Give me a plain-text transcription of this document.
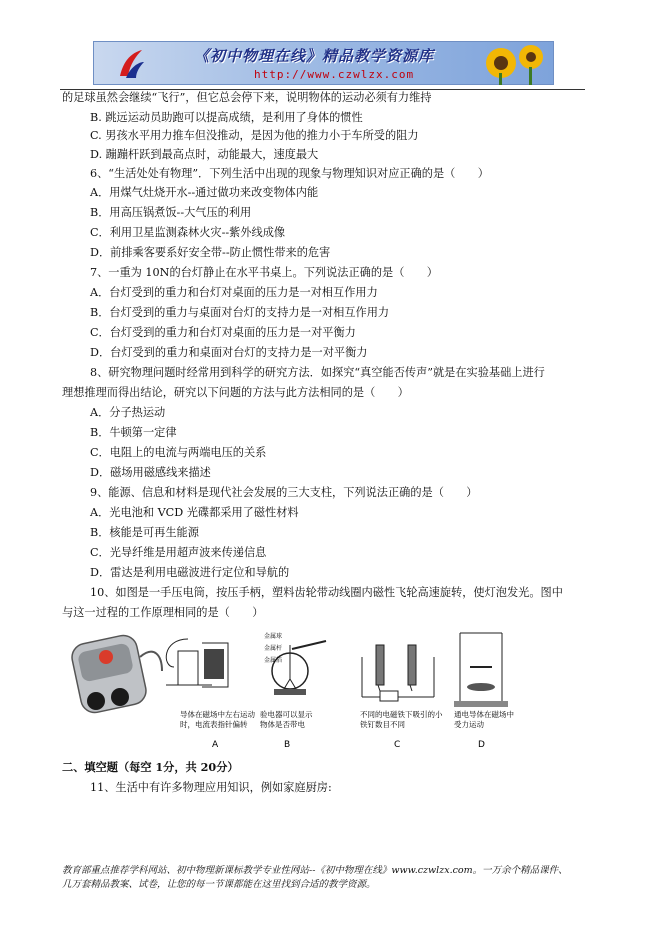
《初中物理在线》精品教学资源库
http://www.czwlzx.com
的足球虽然会继续“飞行”，但它总会停下来，说明物体的运动必须有力维持
B. 跳远运动员助跑可以提高成绩，是利用了身体的惯性
C. 男孩水平用力推车但没推动，是因为他的推力小于车所受的阻力
D. 蹦蹦杆跃到最高点时，动能最大，速度最大
6、“生活处处有物理”．下列生活中出现的现象与物理知识对应正确的是（　　）
A．用煤气灶烧开水--通过做功来改变物体内能
B．用高压锅煮饭--大气压的利用
C．利用卫星监测森林火灾--紫外线成像
D．前排乘客要系好安全带--防止惯性带来的危害
7、一重为 10N的台灯静止在水平书桌上。下列说法正确的是（　　）
A．台灯受到的重力和台灯对桌面的压力是一对相互作用力
B．台灯受到的重力与桌面对台灯的支持力是一对相互作用力
C．台灯受到的重力和台灯对桌面的压力是一对平衡力
D．台灯受到的重力和桌面对台灯的支持力是一对平衡力
8、研究物理问题时经常用到科学的研究方法．如探究“真空能否传声”就是在实验基础上进行
理想推理而得出结论，研究以下问题的方法与此方法相同的是（　　）
A．分子热运动
B．牛顿第一定律
C．电阻上的电流与两端电压的关系
D．磁场用磁感线来描述
9、能源、信息和材料是现代社会发展的三大支柱，下列说法正确的是（　　）
A．光电池和 VCD 光碟都采用了磁性材料
B．核能是可再生能源
C．光导纤维是用超声波来传递信息
D．雷达是利用电磁波进行定位和导航的
10、如图是一手压电筒，按压手柄，塑料齿轮带动线圈内磁性飞轮高速旋转，使灯泡发光。图中
与这一过程的工作原理相同的是（　　）
金属球
金属杆
金属箔
导体在磁场中左右运动
时，电流表指针偏转
验电器可以显示
物体是否带电
不同的电磁铁下吸引的小
铁钉数目不同
通电导体在磁场中
受力运动
A	B	C	D
二、填空题（每空 1分，共 20分）
11、生活中有许多物理应用知识，例如家庭厨房:
教育部重点推荐学科网站、初中物理新课标教学专业性网站--《初中物理在线》www.czwlzx.com。一万余个精品课件、
几万套精品教案、试卷，让您的每一节课都能在这里找到合适的教学资源。
